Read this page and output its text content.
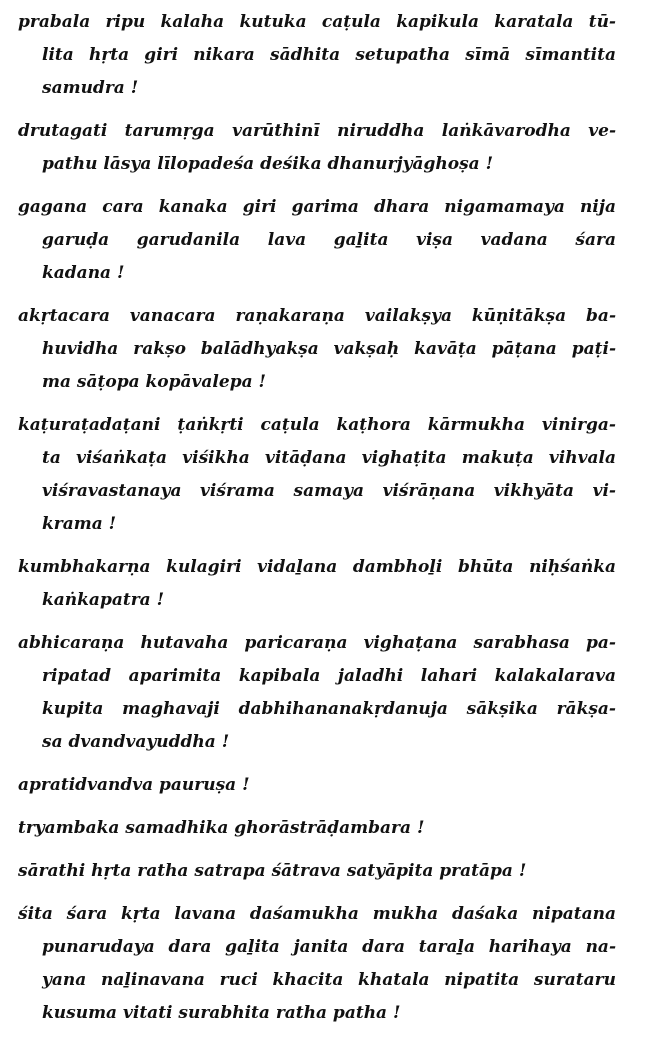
prabala ripu kalaha kutuka caṭula kapikula karatala tū-
lita hṛta giri nikara sādhita setupatha sīmā sīmantita
samudra !
drutagati tarumṛga varūthinī niruddha laṅkāvarodha ve-
pathu lāsya līlopadeśa deśika dhanurjyāghoṣa !
gagana cara kanaka giri garima dhara nigamamaya nija
garuḍa garudanila lava gaḻita viṣa vadana śara
kadana !
akṛtacara vanacara raṇakaraṇa vailakṣya kūṇitākṣa ba-
huvidha rakṣo balādhyakṣa vakṣaḥ kavāṭa pāṭana paṭi-
ma sāṭopa kopāvalepa !
kaṭuraṭadaṭani ṭaṅkṛti caṭula kaṭhora kārmukha vinirga-
ta viśaṅkaṭa viśikha vitāḍana vighaṭita makuṭa vihvala
viśravastanaya viśrama samaya viśrāṇana vikhyāta vi-
krama !
kumbhakarṇa kulagiri vidaḻana dambhoḻi bhūta niḥśaṅka
kaṅkapatra !
abhicaraṇa hutavaha paricaraṇa vighaṭana sarabhasa pa-
ripatad aparimita kapibala jaladhi lahari kalakalarava
kupita maghavaji dabhihananakṛdanuja sākṣika rākṣa-
sa dvandvayuddha !
apratidvandva pauruṣa !
tryambaka samadhika ghorāstrāḍambara !
sārathi hṛta ratha satrapa śātrava satyāpita pratāpa !
śita śara kṛta lavana daśamukha mukha daśaka nipatana
punarudaya dara gaḻita janita dara taraḻa harihaya na-
yana naḻinavana ruci khacita khatala nipatita surataru
kusuma vitati surabhita ratha patha !
